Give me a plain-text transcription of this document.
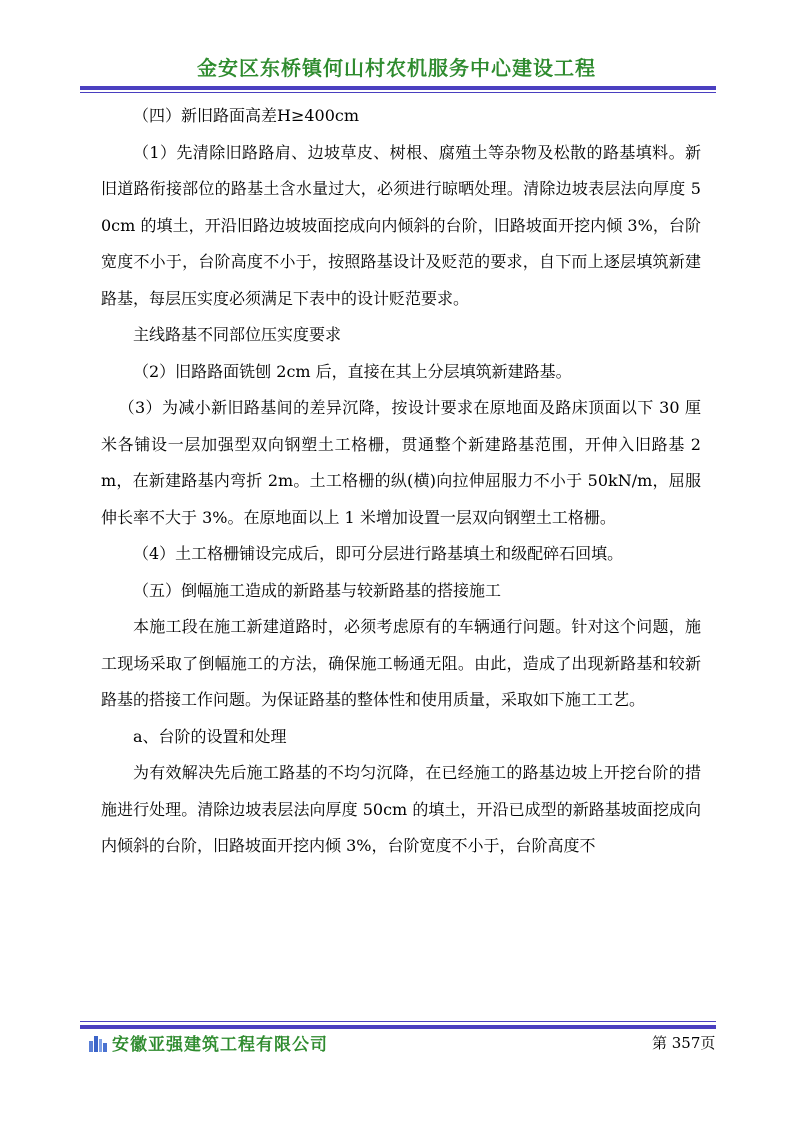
金安区东桥镇何山村农机服务中心建设工程

（四）新旧路面高差H≥400cm

（1）先清除旧路路肩、边坡草皮、树根、腐殖土等杂物及松散的路基填料。新旧道路衔接部位的路基土含水量过大，必须进行晾晒处理。清除边坡表层法向厚度 50cm 的填土，开沿旧路边坡坡面挖成向内倾斜的台阶，旧路坡面开挖内倾 3%，台阶宽度不小于，台阶高度不小于，按照路基设计及贬范的要求，自下而上逐层填筑新建路基，每层压实度必须满足下表中的设计贬范要求。

主线路基不同部位压实度要求

（2）旧路路面铣刨 2cm 后，直接在其上分层填筑新建路基。

（3）为减小新旧路基间的差异沉降，按设计要求在原地面及路床顶面以下 30 厘米各铺设一层加强型双向钢塑土工格栅，贯通整个新建路基范围，开伸入旧路基 2m，在新建路基内弯折 2m。土工格栅的纵(横)向拉伸屈服力不小于 50kN/m，屈服伸长率不大于 3%。在原地面以上 1 米增加设置一层双向钢塑土工格栅。

（4）土工格栅铺设完成后，即可分层进行路基填土和级配碎石回填。

（五）倒幅施工造成的新路基与较新路基的搭接施工

本施工段在施工新建道路时，必须考虑原有的车辆通行问题。针对这个问题，施工现场采取了倒幅施工的方法，确保施工畅通无阻。由此，造成了出现新路基和较新路基的搭接工作问题。为保证路基的整体性和使用质量，采取如下施工工艺。

a、台阶的设置和处理

为有效解决先后施工路基的不均匀沉降，在已经施工的路基边坡上开挖台阶的措施进行处理。清除边坡表层法向厚度 50cm 的填土，开沿已成型的新路基坡面挖成向内倾斜的台阶，旧路坡面开挖内倾 3%，台阶宽度不小于，台阶高度不

安徽亚强建筑工程有限公司	第 357页
